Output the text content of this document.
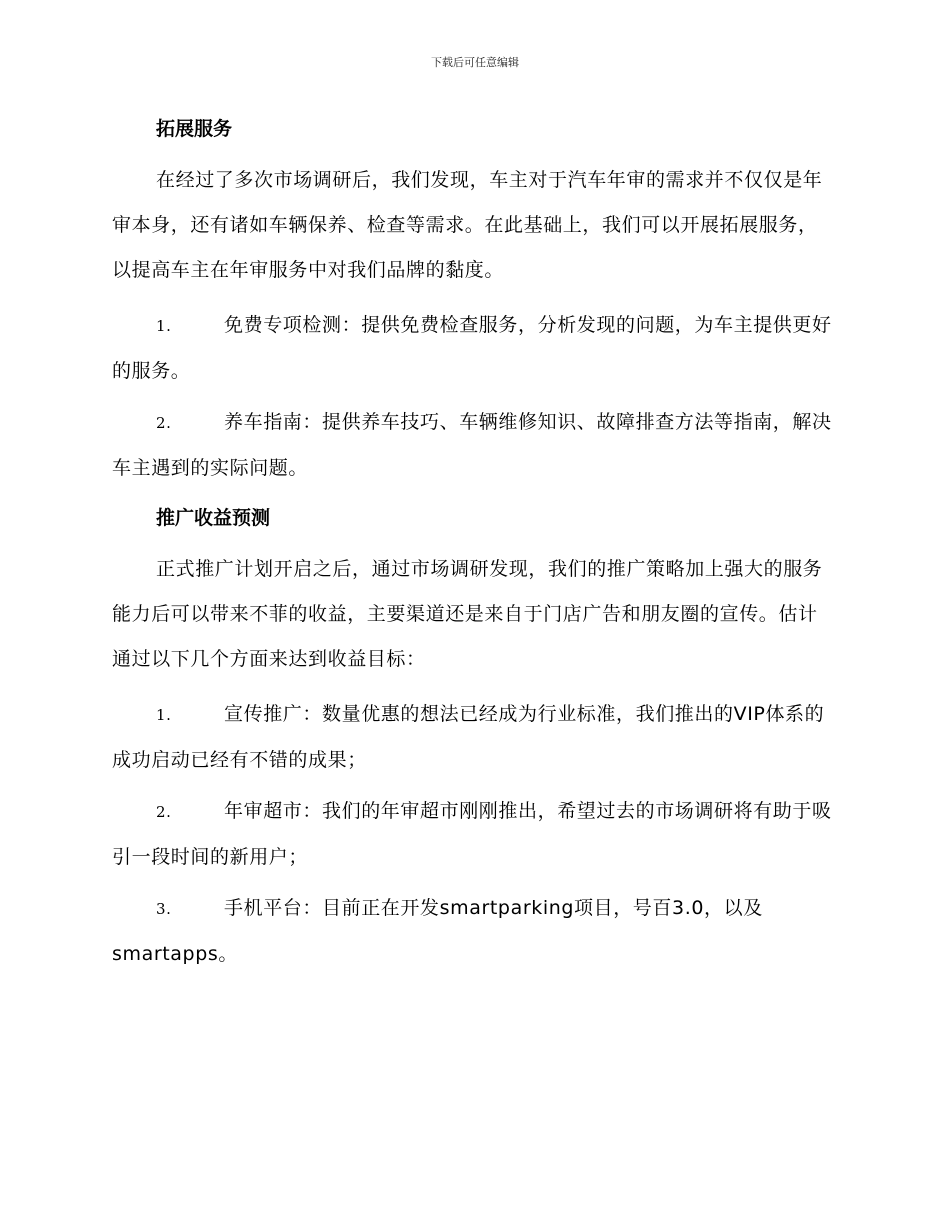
下载后可任意编辑
拓展服务

在经过了多次市场调研后，我们发现，车主对于汽车年审的需求并不仅仅是年审本身，还有诸如车辆保养、检查等需求。在此基础上，我们可以开展拓展服务，以提高车主在年审服务中对我们品牌的黏度。

1.	免费专项检测：提供免费检查服务，分析发现的问题，为车主提供更好的服务。

2.	养车指南：提供养车技巧、车辆维修知识、故障排查方法等指南，解决车主遇到的实际问题。

推广收益预测

正式推广计划开启之后，通过市场调研发现，我们的推广策略加上强大的服务能力后可以带来不菲的收益，主要渠道还是来自于门店广告和朋友圈的宣传。估计通过以下几个方面来达到收益目标：

1.	宣传推广：数量优惠的想法已经成为行业标准，我们推出的VIP体系的成功启动已经有不错的成果；

2.	年审超市：我们的年审超市刚刚推出，希望过去的市场调研将有助于吸引一段时间的新用户；

3.	手机平台：目前正在开发smartparking项目，号百3.0，以及smartapps。
